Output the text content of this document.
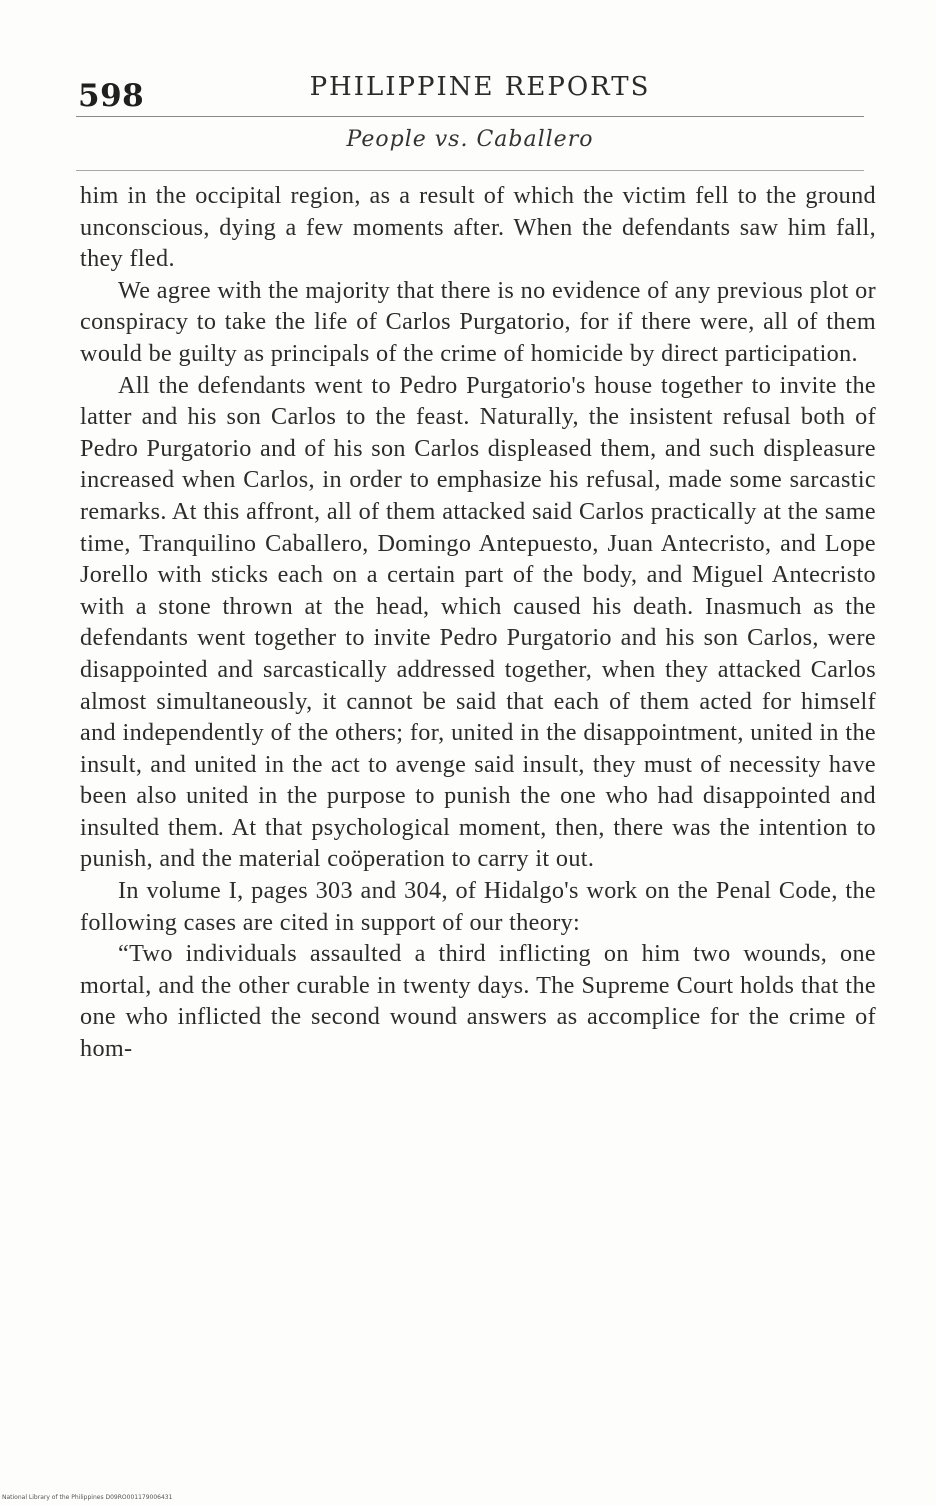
598	PHILIPPINE REPORTS
People vs. Caballero

him in the occipital region, as a result of which the victim fell to the ground unconscious, dying a few moments after. When the defendants saw him fall, they fled.

We agree with the majority that there is no evidence of any previous plot or conspiracy to take the life of Carlos Purgatorio, for if there were, all of them would be guilty as principals of the crime of homicide by direct participation.

All the defendants went to Pedro Purgatorio's house together to invite the latter and his son Carlos to the feast. Naturally, the insistent refusal both of Pedro Purgatorio and of his son Carlos displeased them, and such displeasure increased when Carlos, in order to emphasize his refusal, made some sarcastic remarks. At this affront, all of them attacked said Carlos practically at the same time, Tranquilino Caballero, Domingo Antepuesto, Juan Antecristo, and Lope Jorello with sticks each on a certain part of the body, and Miguel Antecristo with a stone thrown at the head, which caused his death. Inasmuch as the defendants went together to invite Pedro Purgatorio and his son Carlos, were disappointed and sarcastically addressed together, when they attacked Carlos almost simultaneously, it cannot be said that each of them acted for himself and independently of the others; for, united in the disappointment, united in the insult, and united in the act to avenge said insult, they must of necessity have been also united in the purpose to punish the one who had disappointed and insulted them. At that psychological moment, then, there was the intention to punish, and the material coöperation to carry it out.

In volume I, pages 303 and 304, of Hidalgo's work on the Penal Code, the following cases are cited in support of our theory:

“Two individuals assaulted a third inflicting on him two wounds, one mortal, and the other curable in twenty days. The Supreme Court holds that the one who inflicted the second wound answers as accomplice for the crime of hom-

National Library of the Philippines D09RO001179006431
